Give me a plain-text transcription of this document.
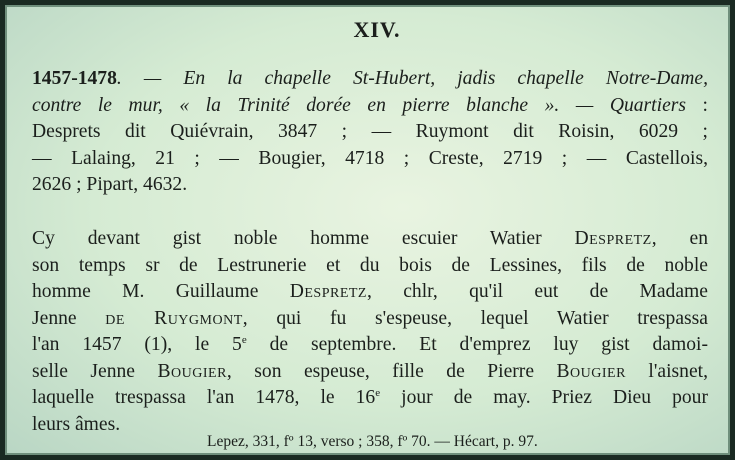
XIV.

1457-1478. — En la chapelle St-Hubert, jadis chapelle Notre-Dame,
contre le mur, « la Trinité dorée en pierre blanche ». — Quartiers :
Desprets dit Quiévrain, 3847 ; — Ruymont dit Roisin, 6029 ;
— Lalaing, 21 ; — Bougier, 4718 ; Creste, 2719 ; — Castellois,
2626 ; Pipart, 4632.

Cy devant gist noble homme escuier Watier Despretz, en
son temps sr de Lestrunerie et du bois de Lessines, fils de noble
homme M. Guillaume Despretz, chlr, qu'il eut de Madame
Jenne de Ruygmont, qui fu s'espeuse, lequel Watier trespassa
l'an 1457 (1), le 5e de septembre. Et d'emprez luy gist damoi-
selle Jenne Bougier, son espeuse, fille de Pierre Bougier l'aisnet,
laquelle trespassa l'an 1478, le 16e jour de may. Priez Dieu pour
leurs âmes.

Lepez, 331, fº 13, verso ; 358, fº 70. — Hécart, p. 97.
